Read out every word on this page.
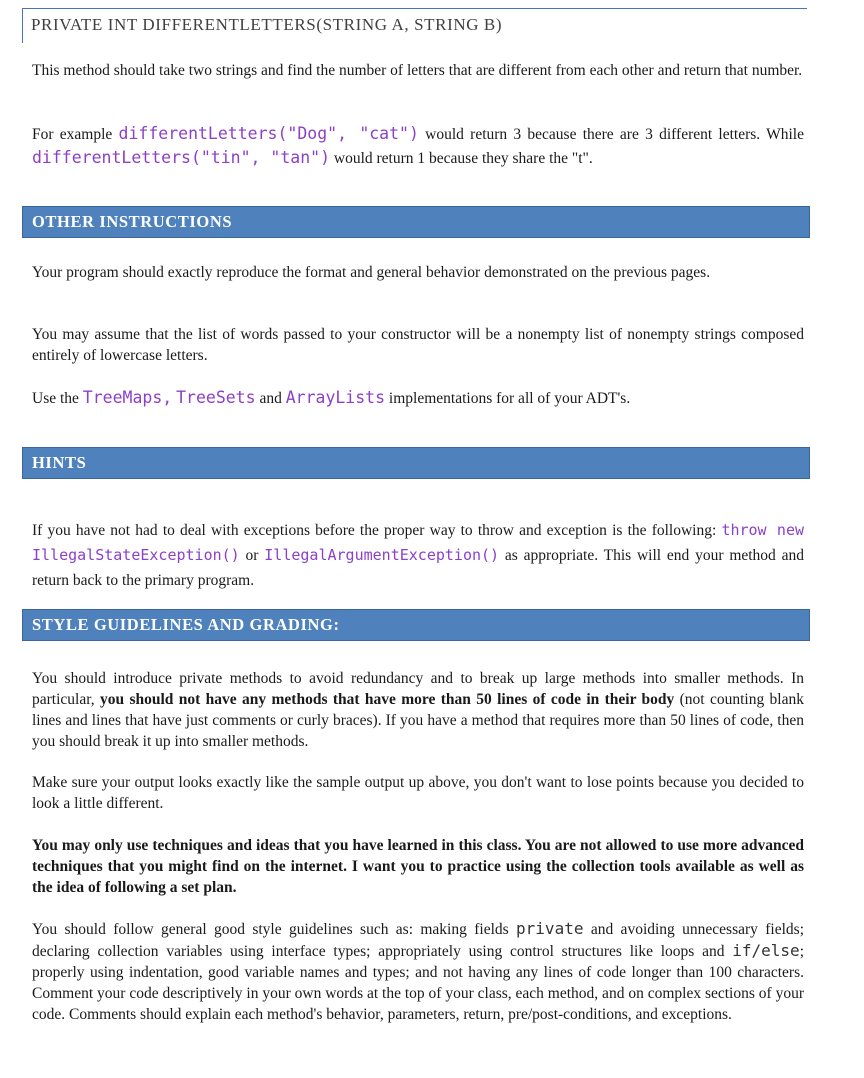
PRIVATE INT DIFFERENTLETTERS(STRING A, STRING B)
This method should take two strings and find the number of letters that are different from each other and return that number.
For example differentLetters("Dog", "cat") would return 3 because there are 3 different letters. While differentLetters("tin", "tan") would return 1 because they share the "t".
OTHER INSTRUCTIONS
Your program should exactly reproduce the format and general behavior demonstrated on the previous pages.
You may assume that the list of words passed to your constructor will be a nonempty list of nonempty strings composed entirely of lowercase letters.
Use the TreeMaps, TreeSets and ArrayLists implementations for all of your ADT's.
HINTS
If you have not had to deal with exceptions before the proper way to throw and exception is the following: throw new IllegalStateException() or IllegalArgumentException() as appropriate. This will end your method and return back to the primary program.
STYLE GUIDELINES AND GRADING:
You should introduce private methods to avoid redundancy and to break up large methods into smaller methods. In particular, you should not have any methods that have more than 50 lines of code in their body (not counting blank lines and lines that have just comments or curly braces). If you have a method that requires more than 50 lines of code, then you should break it up into smaller methods.
Make sure your output looks exactly like the sample output up above, you don't want to lose points because you decided to look a little different.
You may only use techniques and ideas that you have learned in this class. You are not allowed to use more advanced techniques that you might find on the internet. I want you to practice using the collection tools available as well as the idea of following a set plan.
You should follow general good style guidelines such as: making fields private and avoiding unnecessary fields; declaring collection variables using interface types; appropriately using control structures like loops and if/else; properly using indentation, good variable names and types; and not having any lines of code longer than 100 characters. Comment your code descriptively in your own words at the top of your class, each method, and on complex sections of your code. Comments should explain each method's behavior, parameters, return, pre/post-conditions, and exceptions.
